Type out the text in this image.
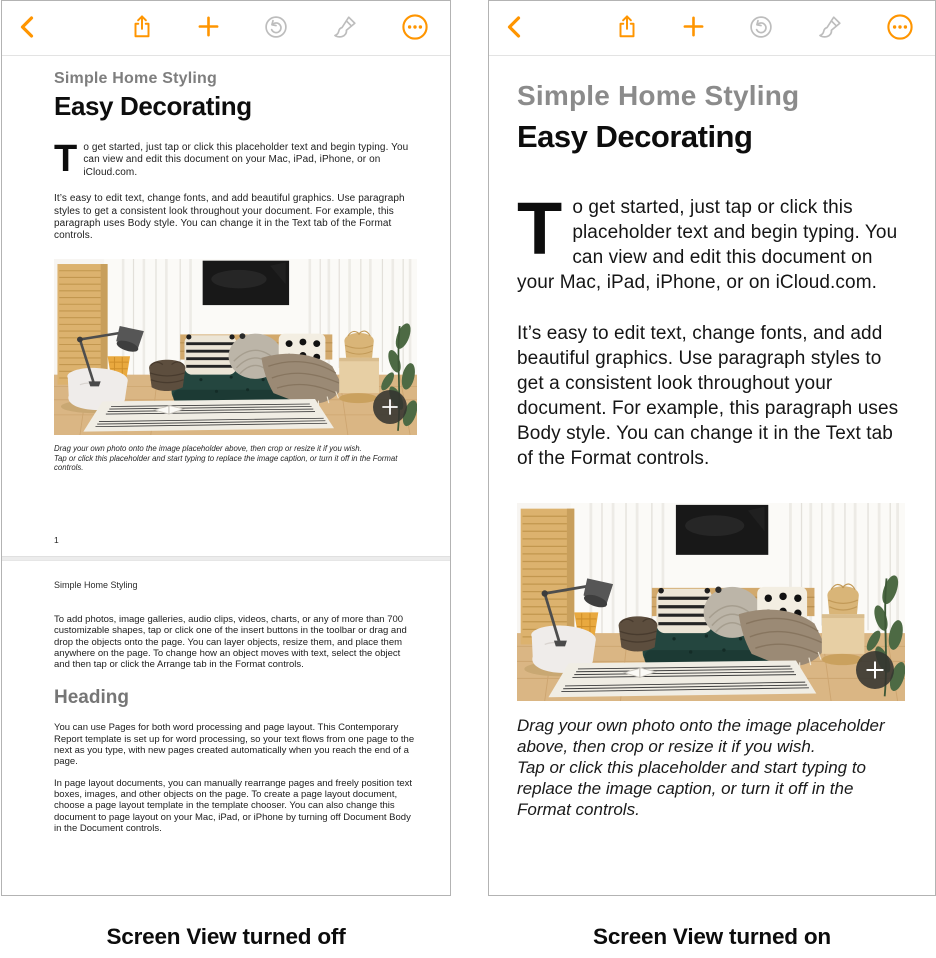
Simple Home Styling
Easy Decorating

To get started, just tap or click this placeholder text and begin typing. You can view and edit this document on your Mac, iPad, iPhone, or on iCloud.com.

It’s easy to edit text, change fonts, and add beautiful graphics. Use paragraph styles to get a consistent look throughout your document. For example, this paragraph uses Body style. You can change it in the Text tab of the Format controls.

Drag your own photo onto the image placeholder above, then crop or resize it if you wish.
Tap or click this placeholder and start typing to replace the image caption, or turn it off in the Format controls.

1
Simple Home Styling

To add photos, image galleries, audio clips, videos, charts, or any of more than 700 customizable shapes, tap or click one of the insert buttons in the toolbar or drag and drop the objects onto the page. You can layer objects, resize them, and place them anywhere on the page. To change how an object moves with text, select the object and then tap or click the Arrange tab in the Format controls.

Heading

You can use Pages for both word processing and page layout. This Contemporary Report template is set up for word processing, so your text flows from one page to the next as you type, with new pages created automatically when you reach the end of a page.

In page layout documents, you can manually rearrange pages and freely position text boxes, images, and other objects on the page. To create a page layout document, choose a page layout template in the template chooser. You can also change this document to page layout on your Mac, iPad, or iPhone by turning off Document Body in the Document controls.

Simple Home Styling
Easy Decorating

To get started, just tap or click this placeholder text and begin typing. You can view and edit this document on your Mac, iPad, iPhone, or on iCloud.com.

It’s easy to edit text, change fonts, and add beautiful graphics. Use paragraph styles to get a consistent look throughout your document. For example, this paragraph uses Body style. You can change it in the Text tab of the Format controls.

Drag your own photo onto the image placeholder above, then crop or resize it if you wish.
Tap or click this placeholder and start typing to replace the image caption, or turn it off in the Format controls.

Screen View turned off	Screen View turned on
